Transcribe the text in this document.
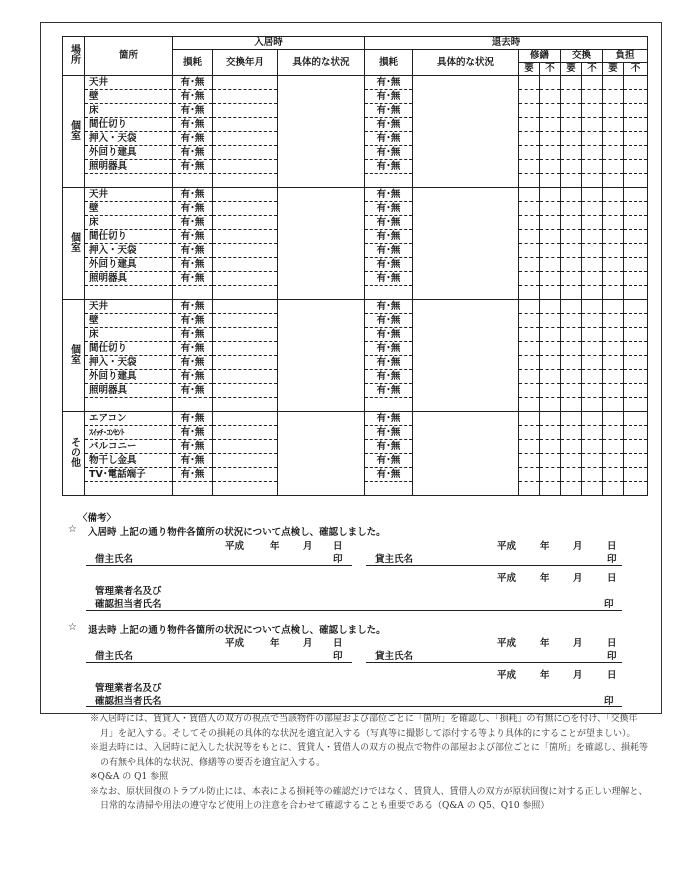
場所	箇所	入居時			退去時							
		損耗	交換年月	具体的な状況	損耗	具体的な状況	修繕		交換		負担	
							要	不	要	不	要	不
個室	天井	有･無			有･無							
	壁	有･無			有･無							
	床	有･無			有･無							
	間仕切り	有･無			有･無							
	押入・天袋	有･無			有･無							
	外回り建具	有･無			有･無							
	照明器具	有･無			有･無							

個室	天井	有･無			有･無							
	壁	有･無			有･無							
	床	有･無			有･無							
	間仕切り	有･無			有･無							
	押入・天袋	有･無			有･無							
	外回り建具	有･無			有･無							
	照明器具	有･無			有･無							

個室	天井	有･無			有･無							
	壁	有･無			有･無							
	床	有･無			有･無							
	間仕切り	有･無			有･無							
	押入・天袋	有･無			有･無							
	外回り建具	有･無			有･無							
	照明器具	有･無			有･無							

その他	エアコン	有･無			有･無							
	ｽｲｯﾁ･ｺﾝｾﾝﾄ	有･無			有･無							
	バルコニー	有･無			有･無							
	物干し金具	有･無			有･無							
	TV･電話端子	有･無			有･無							

〈備考〉
☆ 入居時 上記の通り物件各箇所の状況について点検し、確認しました。
平成	年 月 日
借主氏名	印
平成	年 月	日
貸主氏名	印
平成	年 月	日
管理業者名及び
確認担当者氏名	印
☆ 退去時 上記の通り物件各箇所の状況について点検し、確認しました。
平成	年 月 日
借主氏名	印
平成	年 月	日
貸主氏名	印
平成	年 月	日
管理業者名及び
確認担当者氏名	印

※入居時には、賃貸人・賃借人の双方の視点で当該物件の部屋および部位ごとに「箇所」を確認し、「損耗」の有無に○を付け、「交換年月」を記入する。そしてその損耗の具体的な状況を適宜記入する（写真等に撮影して添付する等より具体的にすることが望ましい）。

※退去時には、入居時に記入した状況等をもとに、賃貸人・賃借人の双方の視点で物件の部屋および部位ごとに「箇所」を確認し、損耗等の有無や具体的な状況、修繕等の要否を適宜記入する。

※Q&A の Q1 参照

※なお、原状回復のトラブル防止には、本表による損耗等の確認だけではなく、賃貸人、賃借人の双方が原状回復に対する正しい理解と、日常的な清掃や用法の遵守など使用上の注意を合わせて確認することも重要である（Q&A の Q5、Q10 参照）
